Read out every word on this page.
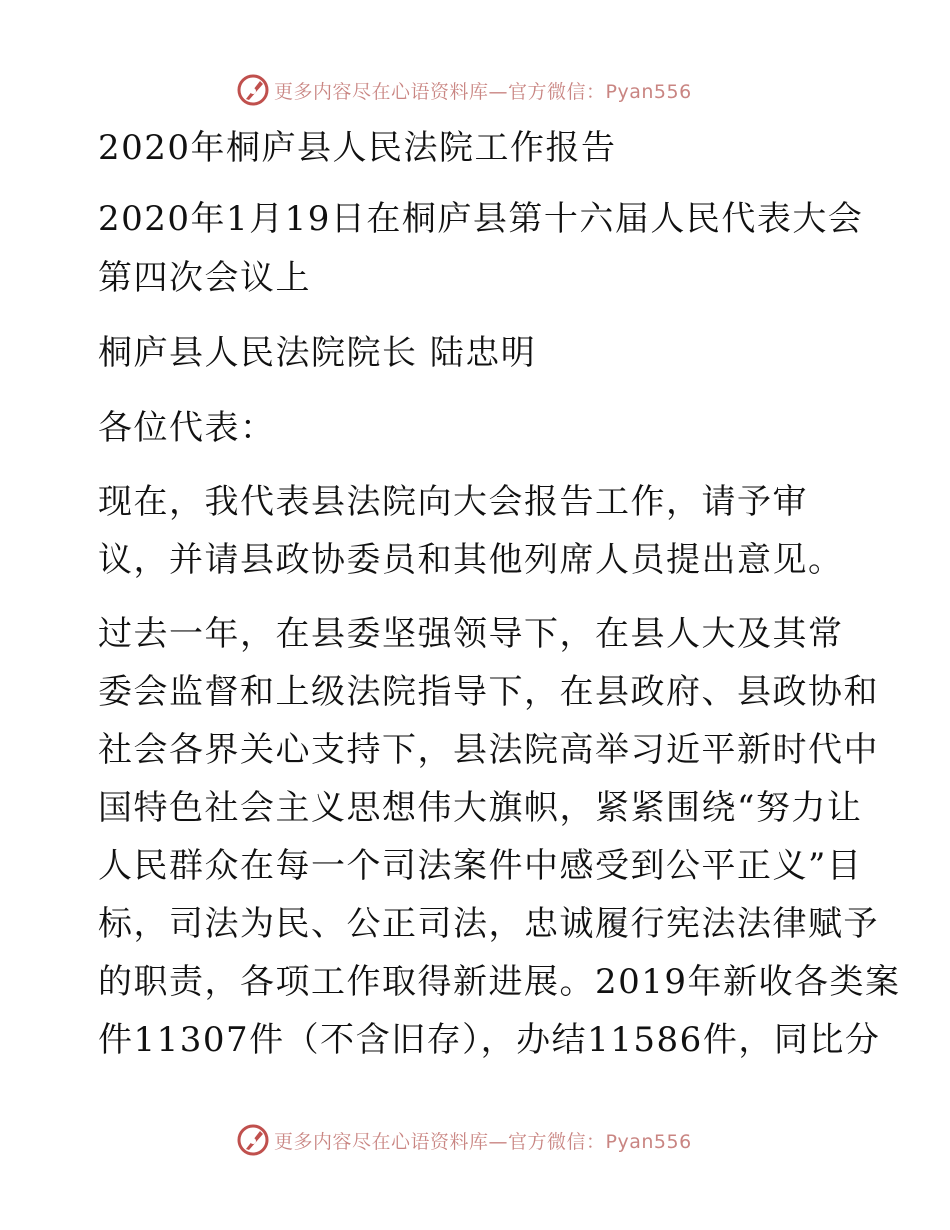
更多内容尽在心语资料库—官方微信：Pyan556
2020年桐庐县人民法院工作报告
2020年1月19日在桐庐县第十六届人民代表大会
第四次会议上
桐庐县人民法院院长 陆忠明
各位代表：
现在，我代表县法院向大会报告工作，请予审
议，并请县政协委员和其他列席人员提出意见。
过去一年，在县委坚强领导下，在县人大及其常
委会监督和上级法院指导下，在县政府、县政协和
社会各界关心支持下，县法院高举习近平新时代中
国特色社会主义思想伟大旗帜，紧紧围绕“努力让
人民群众在每一个司法案件中感受到公平正义”目
标，司法为民、公正司法，忠诚履行宪法法律赋予
的职责，各项工作取得新进展。2019年新收各类案
件11307件（不含旧存），办结11586件，同比分
更多内容尽在心语资料库—官方微信：Pyan556
